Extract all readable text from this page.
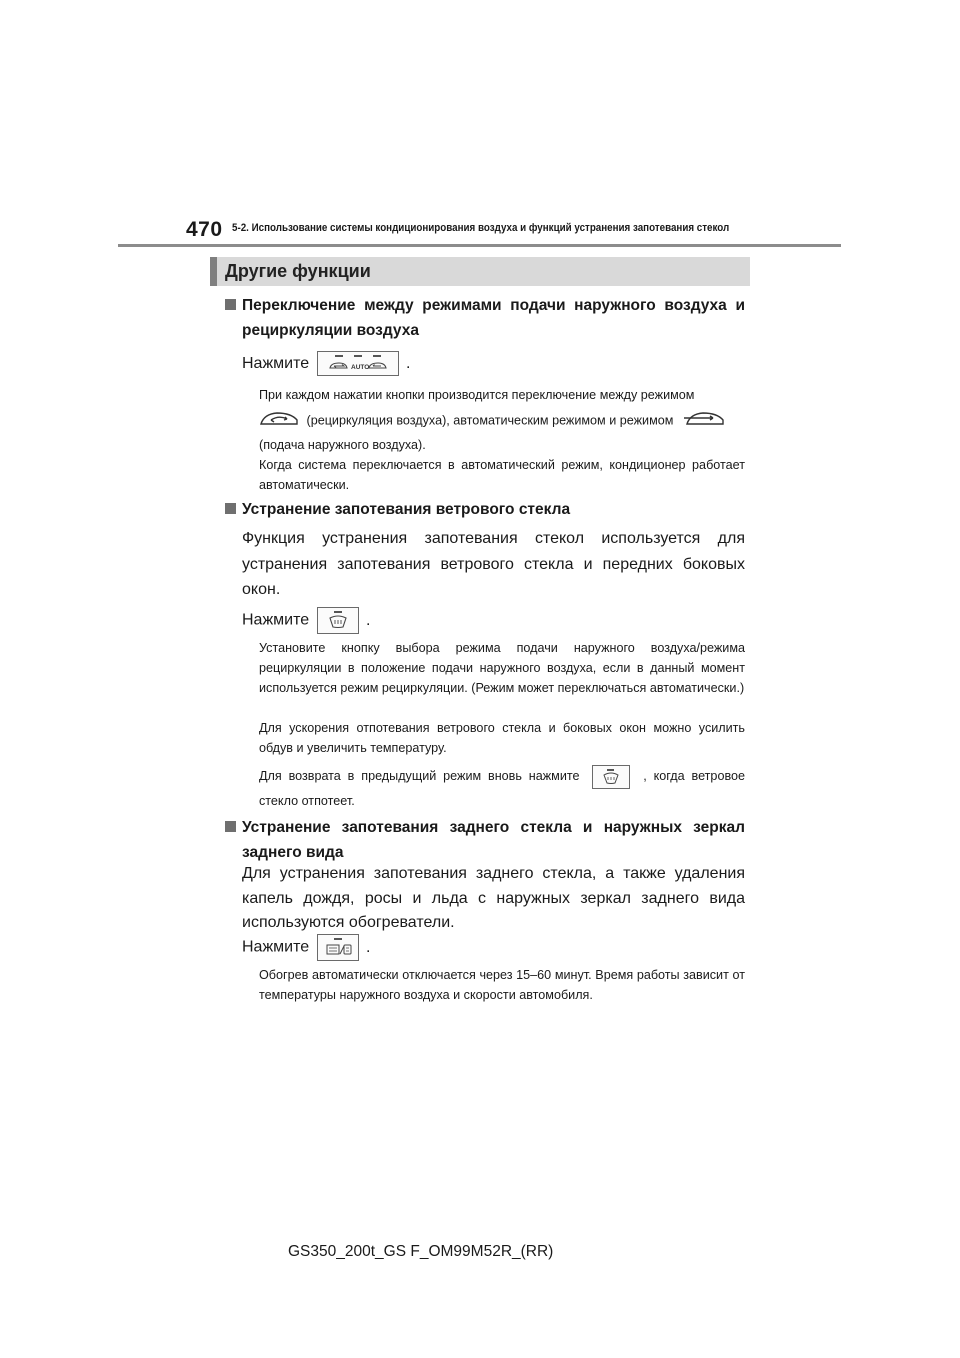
470 5-2. Использование системы кондиционирования воздуха и функций устранения запотевания стекол
Другие функции
Переключение между режимами подачи наружного воздуха и рециркуляции воздуха
Нажмите	AUTO .
При каждом нажатии кнопки производится переключение между режимом
(рециркуляция воздуха), автоматическим режимом и режимом
(подача наружного воздуха).
Когда система переключается в автоматический режим, кондиционер работает автоматически.
Устранение запотевания ветрового стекла
Функция устранения запотевания стекол используется для устранения запотевания ветрового стекла и передних боковых окон.
Нажмите	.
Установите кнопку выбора режима подачи наружного воздуха/режима рециркуляции в положение подачи наружного воздуха, если в данный момент используется режим рециркуляции. (Режим может переключаться автоматически.)
Для ускорения отпотевания ветрового стекла и боковых окон можно усилить обдув и увеличить температуру.
Для возврата в предыдущий режим вновь нажмите	, когда ветровое стекло отпотеет.
Устранение запотевания заднего стекла и наружных зеркал заднего вида
Для устранения запотевания заднего стекла, а также удаления капель дождя, росы и льда с наружных зеркал заднего вида используются обогреватели.
Нажмите	.
Обогрев автоматически отключается через 15–60 минут. Время работы зависит от температуры наружного воздуха и скорости автомобиля.
GS350_200t_GS F_OM99M52R_(RR)
